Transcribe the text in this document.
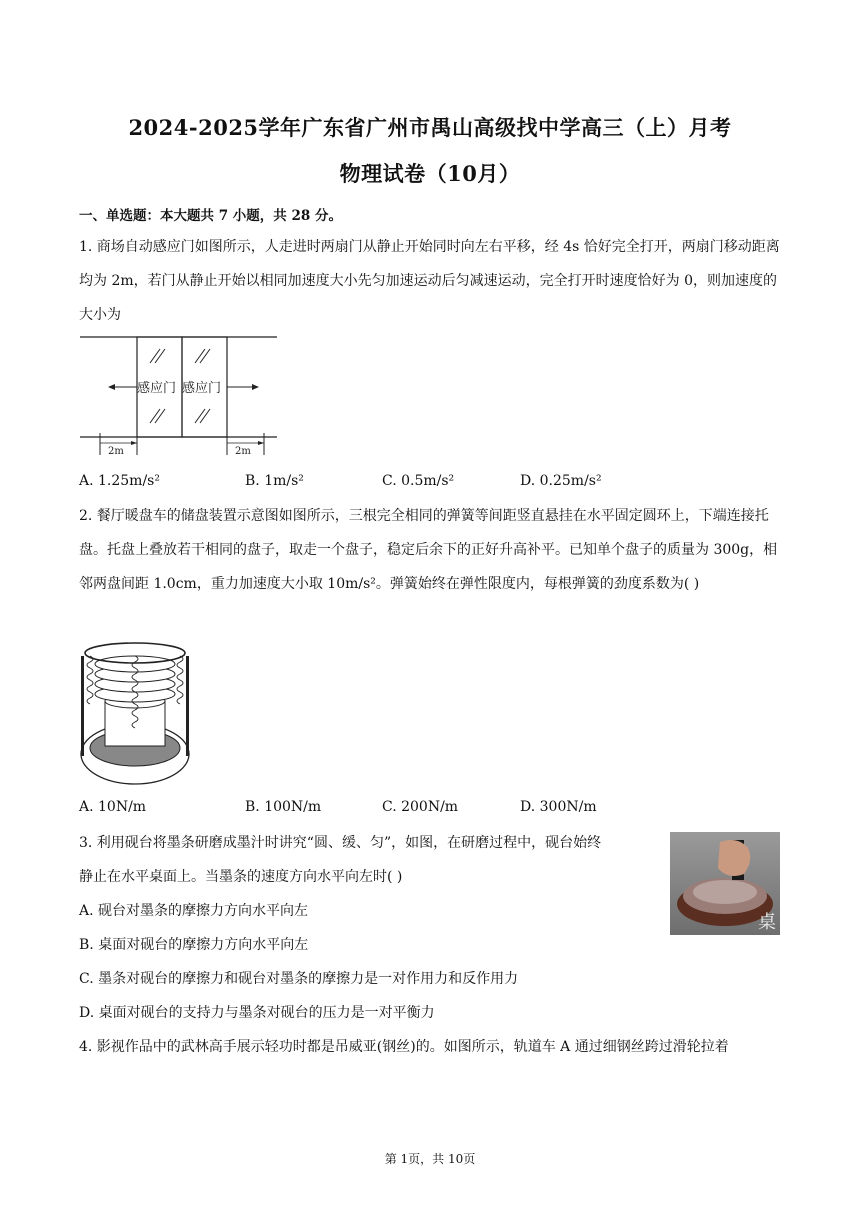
2024-2025学年广东省广州市禺山高级找中学高三（上）月考
物理试卷（10月）
一、单选题：本大题共 7 小题，共 28 分。
1. 商场自动感应门如图所示，人走进时两扇门从静止开始同时向左右平移，经 4s 恰好完全打开，两扇门移动距离均为 2m，若门从静止开始以相同加速度大小先匀加速运动后匀减速运动，完全打开时速度恰好为 0，则加速度的大小为
感应门 感应门
2m	2m
A. 1.25m/s²	B. 1m/s²	C. 0.5m/s²	D. 0.25m/s²
2. 餐厅暖盘车的储盘装置示意图如图所示，三根完全相同的弹簧等间距竖直悬挂在水平固定圆环上，下端连接托盘。托盘上叠放若干相同的盘子，取走一个盘子，稳定后余下的正好升高补平。已知单个盘子的质量为 300g，相邻两盘间距 1.0cm，重力加速度大小取 10m/s²。弹簧始终在弹性限度内，每根弹簧的劲度系数为( )
A. 10N/m	B. 100N/m	C. 200N/m	D. 300N/m
3. 利用砚台将墨条研磨成墨汁时讲究“圆、缓、匀”，如图，在研磨过程中，砚台始终
静止在水平桌面上。当墨条的速度方向水平向左时( )
桌
A. 砚台对墨条的摩擦力方向水平向左
B. 桌面对砚台的摩擦力方向水平向左
C. 墨条对砚台的摩擦力和砚台对墨条的摩擦力是一对作用力和反作用力
D. 桌面对砚台的支持力与墨条对砚台的压力是一对平衡力
4. 影视作品中的武林高手展示轻功时都是吊威亚(钢丝)的。如图所示，轨道车 A 通过细钢丝跨过滑轮拉着
第 1页，共 10页
